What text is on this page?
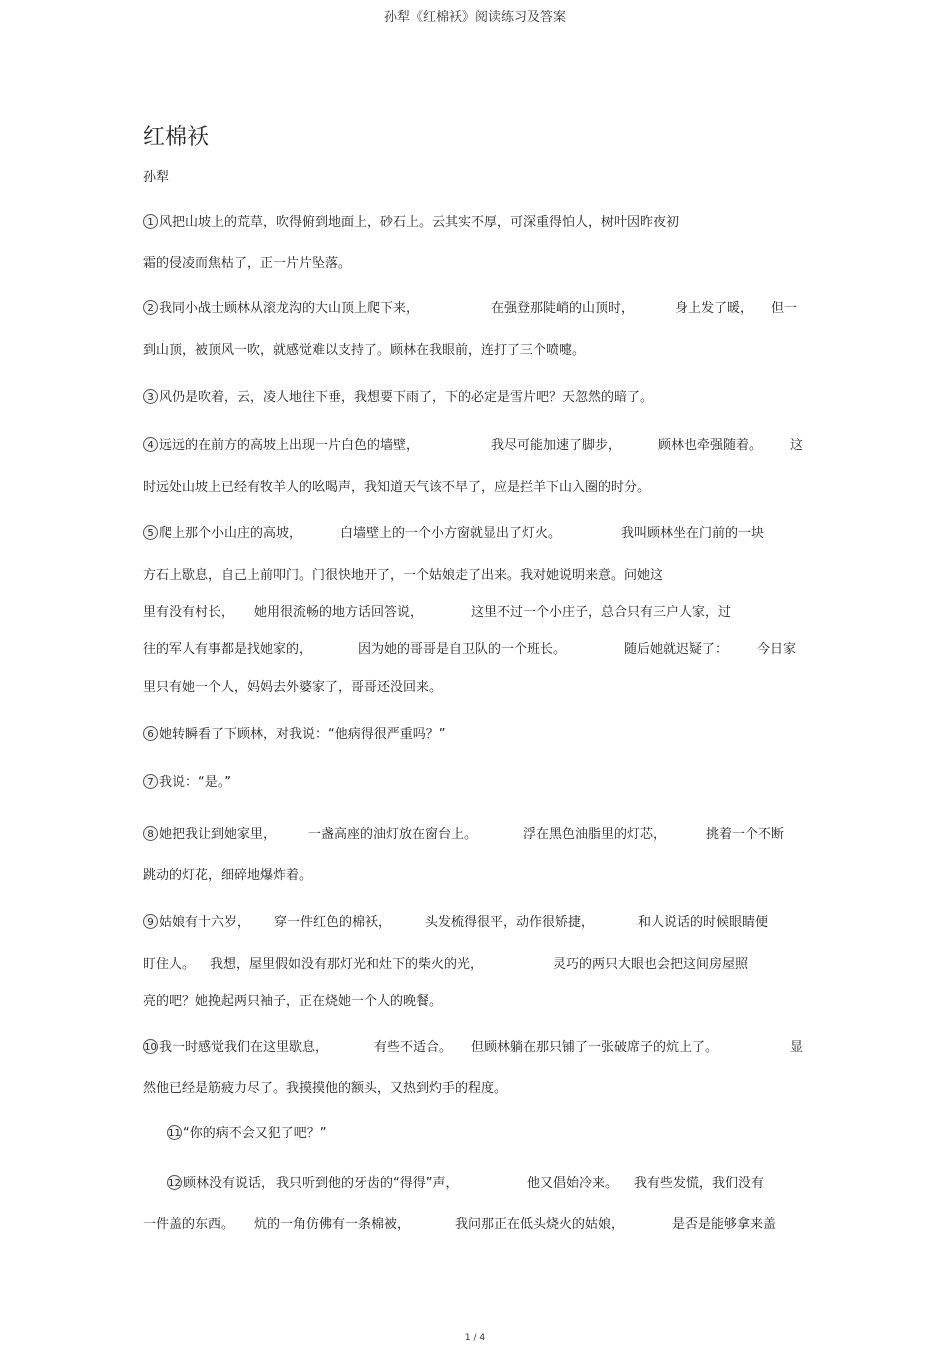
孙犁《红棉袄》阅读练习及答案
红棉袄
孙犁
1 风把山坡上的荒草，吹得俯到地面上，砂石上。云其实不厚，可深重得怕人，树叶因昨夜初
霜的侵凌而焦枯了，正一片片坠落。
2 我同小战士顾林从滚龙沟的大山顶上爬下来，	在强登那陡峭的山顶时，	身上发了暖， 但一
到山顶，被顶风一吹，就感觉难以支持了。顾林在我眼前，连打了三个喷嚏。
3 风仍是吹着，云，凌人地往下垂，我想要下雨了，下的必定是雪片吧？天忽然的暗了。
4 远远的在前方的高坡上出现一片白色的墙壁，	我尽可能加速了脚步，	顾林也牵强随着。 这
时远处山坡上已经有牧羊人的吆喝声，我知道天气该不早了，应是拦羊下山入圈的时分。
5 爬上那个小山庄的高坡，	白墙壁上的一个小方窗就显出了灯火。	我叫顾林坐在门前的一块
方石上歇息，自己上前叩门。门很快地开了，一个姑娘走了出来。我对她说明来意。问她这
里有没有村长， 她用很流畅的地方话回答说，	这里不过一个小庄子，总合只有三户人家，过
往的军人有事都是找她家的，	因为她的哥哥是自卫队的一个班长。	随后她就迟疑了： 今日家
里只有她一个人，妈妈去外婆家了，哥哥还没回来。
6 她转瞬看了下顾林，对我说：“他病得很严重吗？”
7 我说：“是。”
8 她把我让到她家里， 一盏高座的油灯放在窗台上。	浮在黑色油脂里的灯芯，	挑着一个不断
跳动的灯花，细碎地爆炸着。
9 姑娘有十六岁， 穿一件红色的棉袄，	头发梳得很平，动作很矫捷，	和人说话的时候眼睛便
盯住人。 我想，屋里假如没有那灯光和灶下的柴火的光，	灵巧的两只大眼也会把这间房屋照
亮的吧？她挽起两只袖子，正在烧她一个人的晚餐。
10 我一时感觉我们在这里歇息，	有些不适合。 但顾林躺在那只铺了一张破席子的炕上了。	显
然他已经是筋疲力尽了。我摸摸他的额头，又热到灼手的程度。
11 “你的病不会又犯了吧？”
12 顾林没有说话， 我只听到他的牙齿的“得得”声，	他又倡始冷来。 我有些发慌，我们没有
一件盖的东西。 炕的一角仿佛有一条棉被，	我问那正在低头烧火的姑娘，	是否是能够拿来盖
1 / 4
